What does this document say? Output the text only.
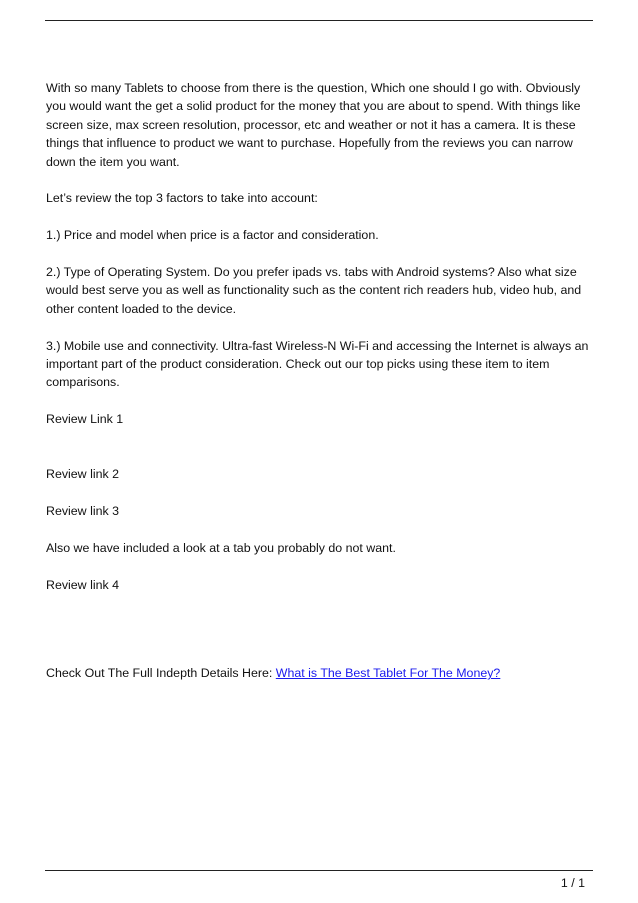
With so many Tablets to choose from there is the question, Which one should I go with. Obviously you would want the get a solid product for the money that you are about to spend. With things like screen size, max screen resolution, processor, etc and weather or not it has a camera. It is these things that influence to product we want to purchase. Hopefully from the reviews you can narrow down the item you want.

Let’s review the top 3 factors to take into account:

1.) Price and model when price is a factor and consideration.

2.) Type of Operating System. Do you prefer ipads vs. tabs with Android systems? Also what size would best serve you as well as functionality such as the content rich readers hub, video hub, and other content loaded to the device.

3.) Mobile use and connectivity. Ultra-fast Wireless-N Wi-Fi and accessing the Internet is always an important part of the product consideration. Check out our top picks using these item to item comparisons.

Review Link 1

Review link 2

Review link 3

Also we have included a look at a tab you probably do not want.

Review link 4

Check Out The Full Indepth Details Here: What is The Best Tablet For The Money?

1 / 1
